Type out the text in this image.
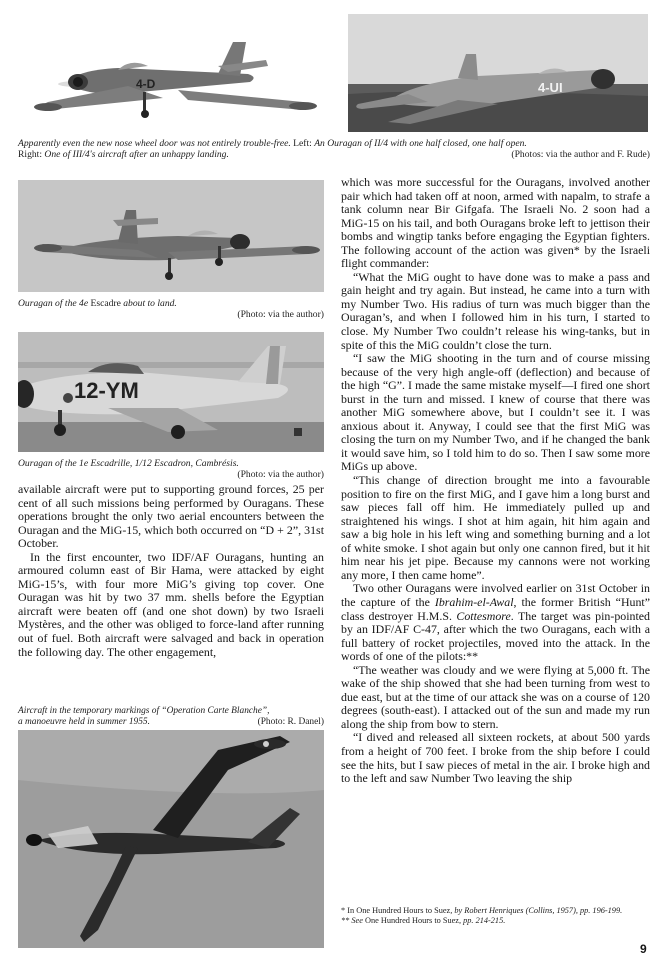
4-D	4-UI
Apparently even the new nose wheel door was not entirely trouble-free. Left: An Ouragan of II/4 with one half closed, one half open.
Right: One of III/4's aircraft after an unhappy landing.	(Photos: via the author and F. Rude)
Ouragan of the 4e Escadre about to land.

(Photo: via the author)
12-YM
Ouragan of the 1e Escadrille, 1/12 Escadron, Cambrésis.

(Photo: via the author)

available aircraft were put to supporting ground forces, 25 per cent of all such missions being performed by Ouragans. These operations brought the only two aerial encounters between the Ouragan and the MiG-15, which both occurred on “D + 2”, 31st October.

In the first encounter, two IDF/AF Ouragans, hunting an armoured column east of Bir Hama, were attacked by eight MiG-15’s, with four more MiG’s giving top cover. One Ouragan was hit by two 37 mm. shells before the Egyptian aircraft were beaten off (and one shot down) by two Israeli Mystères, and the other was obliged to force-land after running out of fuel. Both aircraft were salvaged and back in operation the following day. The other engagement,

Aircraft in the temporary markings of “Operation Carte Blanche”,
a manoeuvre held in summer 1955.	(Photo: R. Danel)

which was more successful for the Ouragans, involved another pair which had taken off at noon, armed with napalm, to strafe a tank column near Bir Gifgafa. The Israeli No. 2 soon had a MiG-15 on his tail, and both Ouragans broke left to jettison their bombs and wingtip tanks before engaging the Egyptian fighters. The following account of the action was given* by the Israeli flight commander:

“What the MiG ought to have done was to make a pass and gain height and try again. But instead, he came into a turn with my Number Two. His radius of turn was much bigger than the Ouragan’s, and when I followed him in his turn, I started to close. My Number Two couldn’t release his wing-tanks, but in spite of this the MiG couldn’t close the turn.

“I saw the MiG shooting in the turn and of course missing because of the very high angle-off (deflection) and because of the high “G”. I made the same mistake myself—I fired one short burst in the turn and missed. I knew of course that there was another MiG somewhere above, but I couldn’t see it. I was anxious about it. Anyway, I could see that the first MiG was closing the turn on my Number Two, and if he changed the bank it would save him, so I told him to do so. Then I saw some more MiGs up above.

“This change of direction brought me into a favourable position to fire on the first MiG, and I gave him a long burst and saw pieces fall off him. He immediately pulled up and straightened his wings. I shot at him again, hit him again and saw a big hole in his left wing and something burning and a lot of white smoke. I shot again but only one cannon fired, but it hit him near his jet pipe. Because my cannons were not working any more, I then came home”.

Two other Ouragans were involved earlier on 31st October in the capture of the Ibrahim-el-Awal, the former British “Hunt” class destroyer H.M.S. Cottesmore. The target was pin-pointed by an IDF/AF C-47, after which the two Ouragans, each with a full battery of rocket projectiles, moved into the attack. In the words of one of the pilots:**

“The weather was cloudy and we were flying at 5,000 ft. The wake of the ship showed that she had been turning from west to due east, but at the time of our attack she was on a course of 120 degrees (south-east). I attacked out of the sun and made my run along the ship from bow to stern.

“I dived and released all sixteen rockets, at about 500 yards from a height of 700 feet. I broke from the ship before I could see the hits, but I saw pieces of metal in the air. I broke high and to the left and saw Number Two leaving the ship

* In One Hundred Hours to Suez, by Robert Henriques (Collins, 1957), pp. 196-199.
** See One Hundred Hours to Suez, pp. 214-215.
9
